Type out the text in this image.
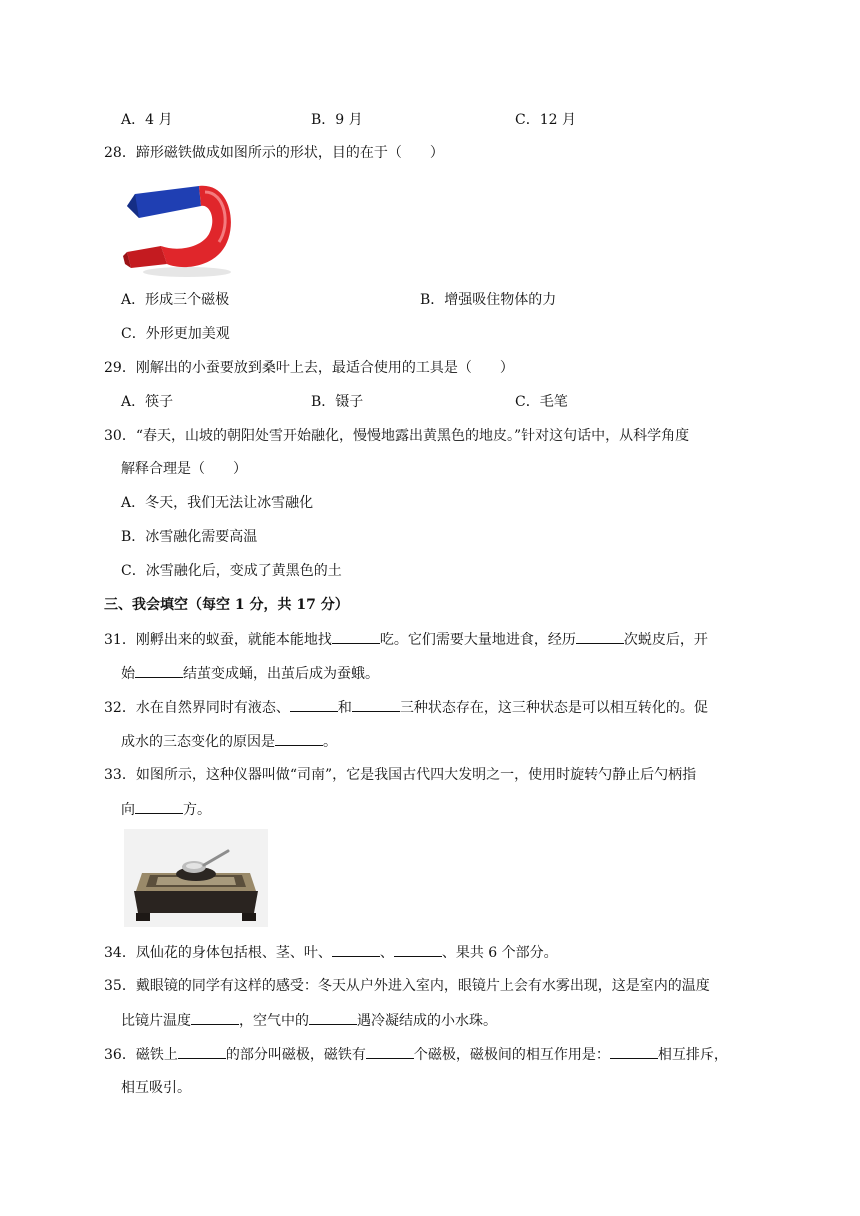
A．4 月	B．9 月	C．12 月
28．蹄形磁铁做成如图所示的形状，目的在于（　　）
A．形成三个磁极	B．增强吸住物体的力
C．外形更加美观
29．刚解出的小蚕要放到桑叶上去，最适合使用的工具是（　　）
A．筷子	B．镊子	C．毛笔
30．“春天，山坡的朝阳处雪开始融化，慢慢地露出黄黑色的地皮。”针对这句话中，从科学角度
解释合理是（　　）
A．冬天，我们无法让冰雪融化
B．冰雪融化需要高温
C．冰雪融化后，变成了黄黑色的土
三、我会填空（每空 1 分，共 17 分）
31．刚孵出来的蚁蚕，就能本能地找	吃。它们需要大量地进食，经历	次蜕皮后，开
始	结茧变成蛹，出茧后成为蚕蛾。
32．水在自然界同时有液态、	和	三种状态存在，这三种状态是可以相互转化的。促
成水的三态变化的原因是	。
33．如图所示，这种仪器叫做“司南”，它是我国古代四大发明之一，使用时旋转勺静止后勺柄指
向	方。
34．凤仙花的身体包括根、茎、叶、	、	、果共 6 个部分。
35．戴眼镜的同学有这样的感受：冬天从户外进入室内，眼镜片上会有水雾出现，这是室内的温度
比镜片温度	，空气中的	遇冷凝结成的小水珠。
36．磁铁上	的部分叫磁极，磁铁有	个磁极，磁极间的相互作用是：	相互排斥，
相互吸引。
